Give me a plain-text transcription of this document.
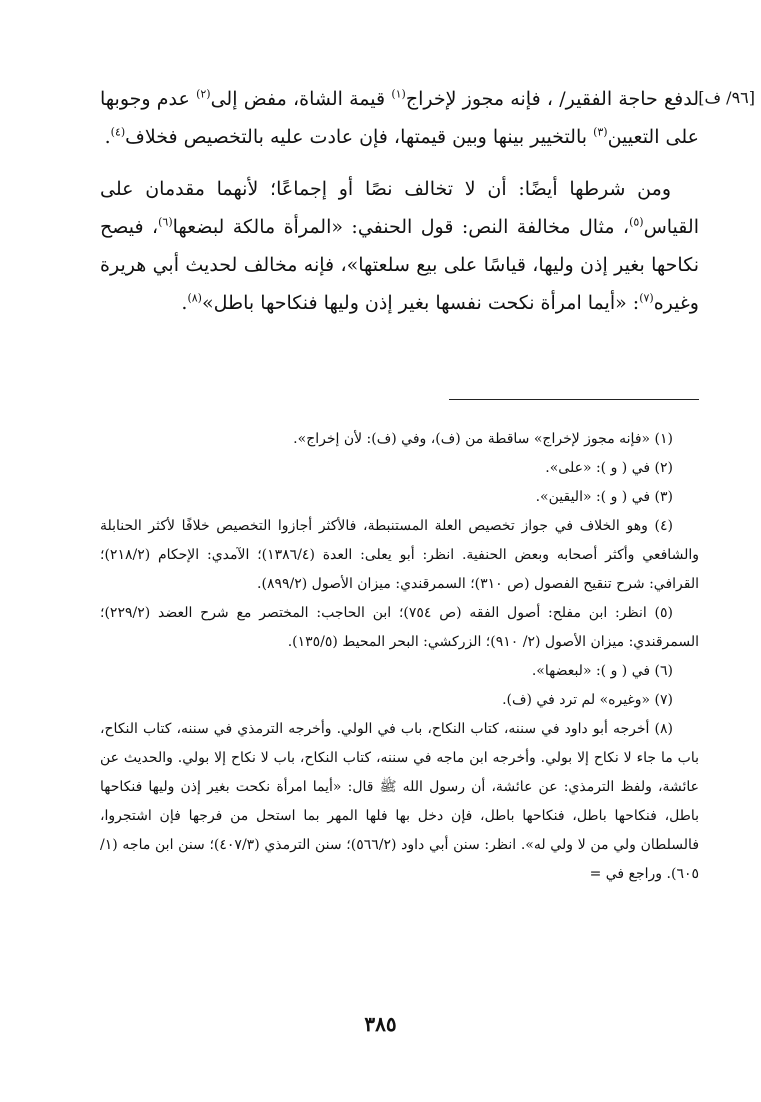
[٩٦/ ف]

لدفع حاجة الفقير/ ، فإنه مجوز لإخراج$^{(١)}$ قيمة الشاة، مفض إلى$^{(٢)}$ عدم وجوبها على التعيين$^{(٣)}$ بالتخيير بينها وبين قيمتها، فإن عادت عليه بالتخصيص فخلاف$^{(٤)}$.

ومن شرطها أيضًا: أن لا تخالف نصًا أو إجماعًا؛ لأنهما مقدمان على القياس$^{(٥)}$، مثال مخالفة النص: قول الحنفي: «المرأة مالكة لبضعها$^{(٦)}$، فيصح نكاحها بغير إذن وليها، قياسًا على بيع سلعتها»، فإنه مخالف لحديث أبي هريرة وغيره$^{(٧)}$: «أيما امرأة نكحت نفسها بغير إذن وليها فنكاحها باطل»$^{(٨)}$.

(١) «فإنه مجوز لإخراج» ساقطة من (ف)، وفي (ف): لأن إخراج».

(٢) في ( و ): «على».

(٣) في ( و ): «اليقين».

(٤) وهو الخلاف في جواز تخصيص العلة المستنبطة، فالأكثر أجازوا التخصيص خلافًا لأكثر الحنابلة والشافعي وأكثر أصحابه وبعض الحنفية. انظر: أبو يعلى: العدة (١٣٨٦/٤)؛ الآمدي: الإحكام (٢١٨/٢)؛ القرافي: شرح تنقيح الفصول (ص ٣١٠)؛ السمرقندي: ميزان الأصول (٨٩٩/٢).

(٥) انظر: ابن مفلح: أصول الفقه (ص ٧٥٤)؛ ابن الحاجب: المختصر مع شرح العضد (٢٢٩/٢)؛ السمرقندي: ميزان الأصول (٢/ ٩١٠)؛ الزركشي: البحر المحيط (١٣٥/٥).

(٦) في ( و ): «لبعضها».

(٧) «وغيره» لم ترد في (ف).

(٨) أخرجه أبو داود في سننه، كتاب النكاح، باب في الولي. وأخرجه الترمذي في سننه، كتاب النكاح، باب ما جاء لا نكاح إلا بولي. وأخرجه ابن ماجه في سننه، كتاب النكاح، باب لا نكاح إلا بولي. والحديث عن عائشة، ولفظ الترمذي: عن عائشة، أن رسول الله ﷺ قال: «أيما امرأة نكحت بغير إذن وليها فنكاحها باطل، فنكاحها باطل، فنكاحها باطل، فإن دخل بها فلها المهر بما استحل من فرجها فإن اشتجروا، فالسلطان ولي من لا ولي له». انظر: سنن أبي داود (٥٦٦/٢)؛ سنن الترمذي (٤٠٧/٣)؛ سنن ابن ماجه (١/ ٦٠٥). وراجع في =

٣٨٥
